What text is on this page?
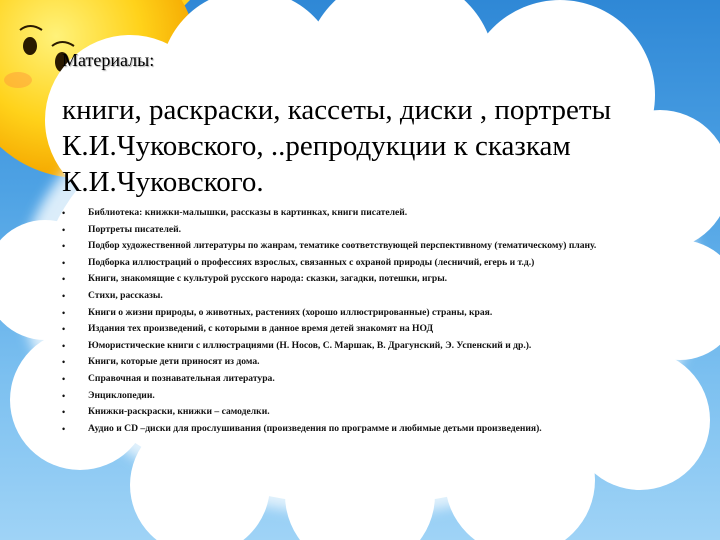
Материалы:
книги, раскраски, кассеты, диски , портреты К.И.Чуковского, ..репродукции к сказкам К.И.Чуковского.
• Библиотека: книжки-малышки, рассказы в картинках, книги писателей.
• Портреты писателей.
• Подбор художественной литературы по жанрам, тематике соответствующей перспективному (тематическому) плану.
• Подборка иллюстраций о профессиях взрослых, связанных с охраной природы (лесничий, егерь и т.д.)
• Книги, знакомящие с культурой русского народа: сказки, загадки, потешки, игры.
• Стихи, рассказы.
• Книги о жизни природы, о животных, растениях (хорошо иллюстрированные) страны, края.
• Издания тех произведений, с которыми в данное время детей знакомят на НОД
• Юмористические книги с иллюстрациями (Н. Носов, С. Маршак, В. Драгунский, Э. Успенский и др.).
• Книги, которые дети приносят из дома.
• Справочная и познавательная литература.
• Энциклопедии.
• Книжки-раскраски, книжки – самоделки.
• Аудио и CD –диски для прослушивания (произведения по программе и любимые детьми произведения).
